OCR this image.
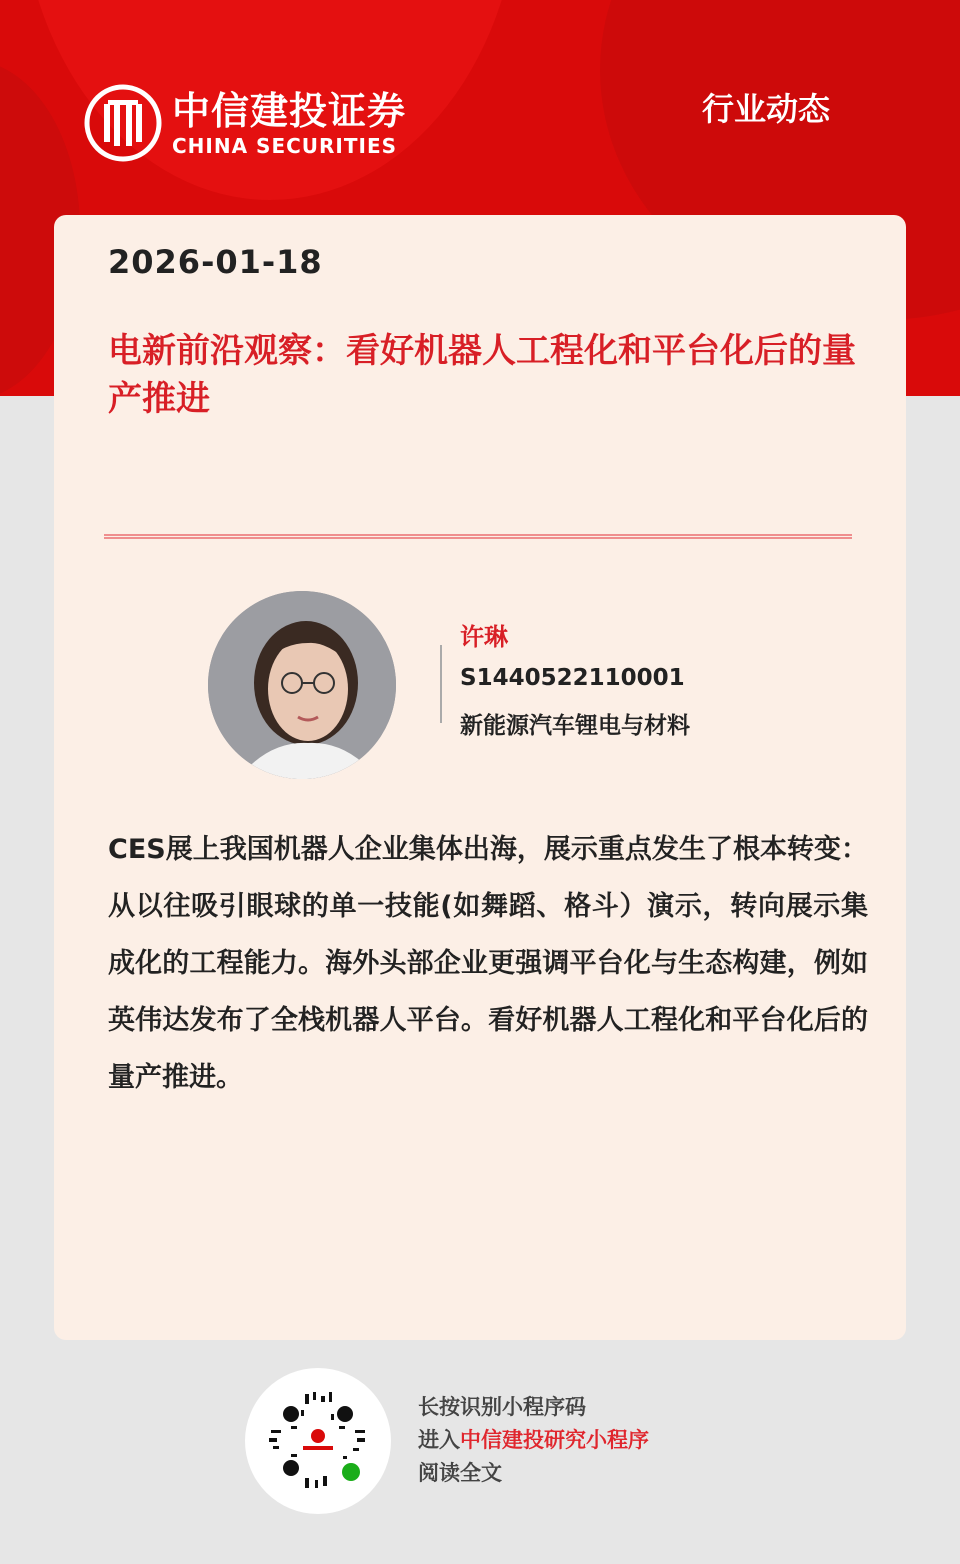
中信建投证券
CHINA SECURITIES
行业动态
2026-01-18
电新前沿观察：看好机器人工程化和平台化后的量产推进
许琳
S1440522110001
新能源汽车锂电与材料
CES展上我国机器人企业集体出海，展示重点发生了根本转变：从以往吸引眼球的单一技能(如舞蹈、格斗）演示，转向展示集成化的工程能力。海外头部企业更强调平台化与生态构建，例如英伟达发布了全栈机器人平台。看好机器人工程化和平台化后的量产推进。
长按识别小程序码
进入中信建投研究小程序
阅读全文
